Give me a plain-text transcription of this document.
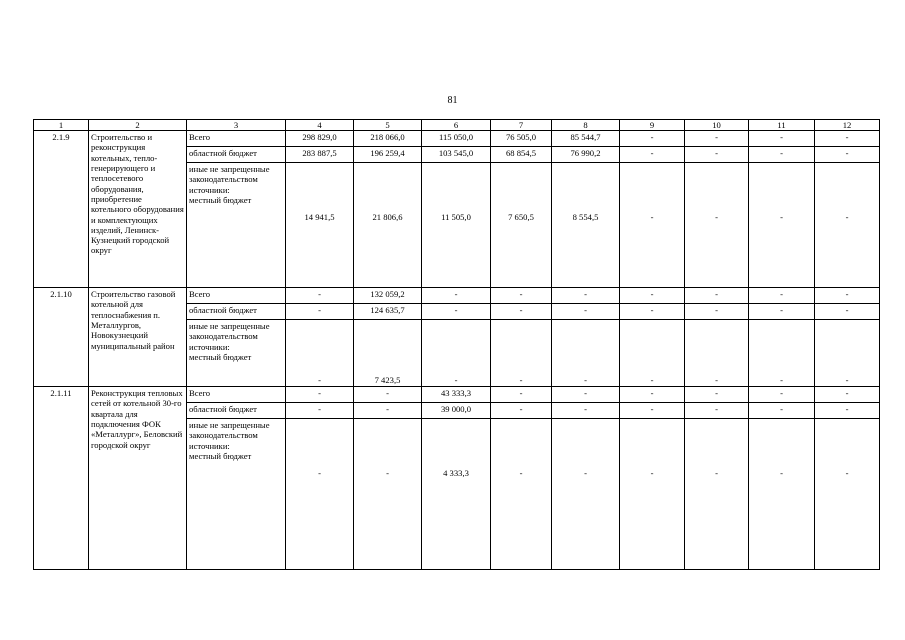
81
1	2	3	4	5	6	7	8	9	10	11	12
2.1.9	Строительство и реконструкция котельных, тепло-генерирующего и теплосетевого оборудования, приобретение котельного оборудования и комплектующих изделий, Ленинск-Кузнецкий городской округ	Всего	298 829,0	218 066,0	115 050,0	76 505,0	85 544,7	-	-	-	-
		областной бюджет	283 887,5	196 259,4	103 545,0	68 854,5	76 990,2	-	-	-	-
		иные не запрещенные законодательством источники:
местный бюджет	14 941,5	21 806,6	11 505,0	7 650,5	8 554,5	-	-	-	-
2.1.10	Строительство газовой котельной для теплоснабжения п. Металлургов, Новокузнецкий муниципальный район	Всего	-	132 059,2	-	-	-	-	-	-	-
		областной бюджет	-	124 635,7	-	-	-	-	-	-	-
		иные не запрещенные законодательством источники:
местный бюджет	-	7 423,5	-	-	-	-	-	-	-
2.1.11	Реконструкция тепловых сетей от котельной 30-го квартала для подключения ФОК «Металлург», Беловский городской округ	Всего	-	-	43 333,3	-	-	-	-	-	-
		областной бюджет	-	-	39 000,0	-	-	-	-	-	-
		иные не запрещенные законодательством источники:
местный бюджет	-	-	4 333,3	-	-	-	-	-	-
